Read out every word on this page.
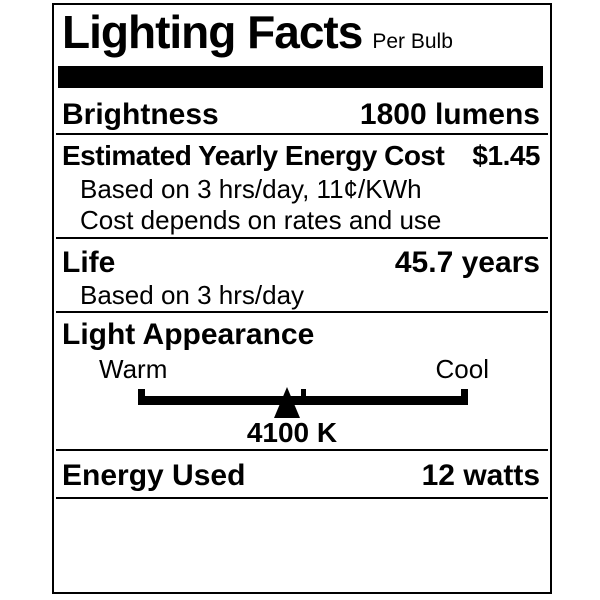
Lighting Facts Per Bulb
Brightness	1800 lumens
Estimated Yearly Energy Cost $1.45
Based on 3 hrs/day, 11¢/KWh
Cost depends on rates and use
Life	45.7 years
Based on 3 hrs/day
Light Appearance
Warm	Cool
4100 K
Energy Used	12 watts
